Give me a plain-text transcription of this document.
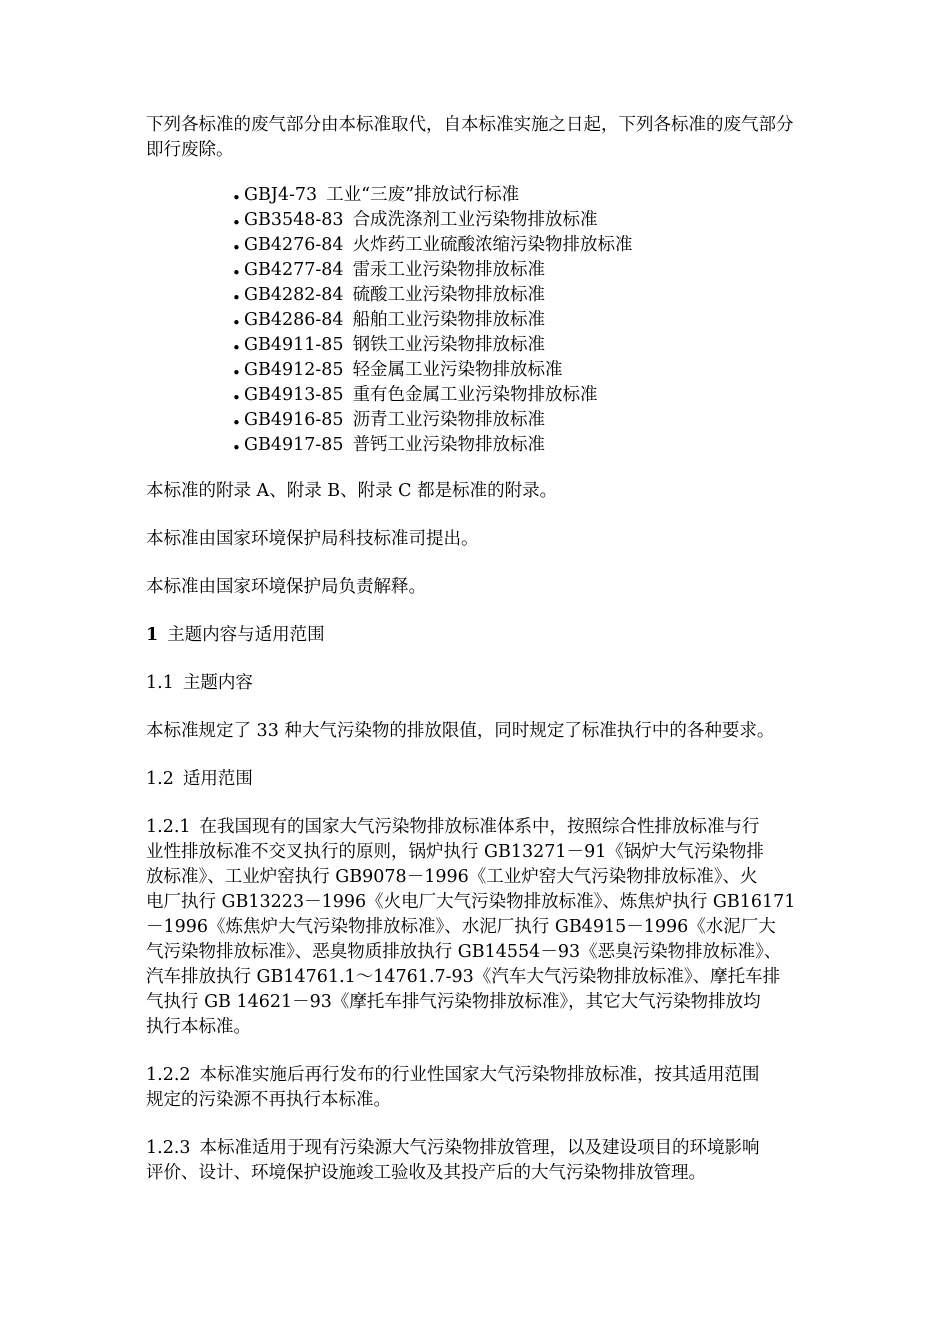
下列各标准的废气部分由本标准取代，自本标准实施之日起，下列各标准的废气部分即行废除。

• GBJ4-73 工业“三废”排放试行标准
• GB3548-83 合成洗涤剂工业污染物排放标准
• GB4276-84 火炸药工业硫酸浓缩污染物排放标准
• GB4277-84 雷汞工业污染物排放标准
• GB4282-84 硫酸工业污染物排放标准
• GB4286-84 船舶工业污染物排放标准
• GB4911-85 钢铁工业污染物排放标准
• GB4912-85 轻金属工业污染物排放标准
• GB4913-85 重有色金属工业污染物排放标准
• GB4916-85 沥青工业污染物排放标准
• GB4917-85 普钙工业污染物排放标准

本标准的附录 A、附录 B、附录 C 都是标准的附录。

本标准由国家环境保护局科技标准司提出。

本标准由国家环境保护局负责解释。

1 主题内容与适用范围

1.1 主题内容

本标准规定了 33 种大气污染物的排放限值，同时规定了标准执行中的各种要求。

1.2 适用范围

1.2.1 在我国现有的国家大气污染物排放标准体系中，按照综合性排放标准与行

业性排放标准不交叉执行的原则，锅炉执行 GB13271－91《锅炉大气污染物排

放标准》、工业炉窑执行 GB9078－1996《工业炉窑大气污染物排放标准》、火

电厂执行 GB13223－1996《火电厂大气污染物排放标准》、炼焦炉执行 GB16171

－1996《炼焦炉大气污染物排放标准》、水泥厂执行 GB4915－1996《水泥厂大

气污染物排放标准》、恶臭物质排放执行 GB14554－93《恶臭污染物排放标准》、

汽车排放执行 GB14761.1～14761.7-93《汽车大气污染物排放标准》、摩托车排

气执行 GB 14621－93《摩托车排气污染物排放标准》，其它大气污染物排放均

执行本标准。

1.2.2 本标准实施后再行发布的行业性国家大气污染物排放标准，按其适用范围

规定的污染源不再执行本标准。

1.2.3 本标准适用于现有污染源大气污染物排放管理，以及建设项目的环境影响

评价、设计、环境保护设施竣工验收及其投产后的大气污染物排放管理。
